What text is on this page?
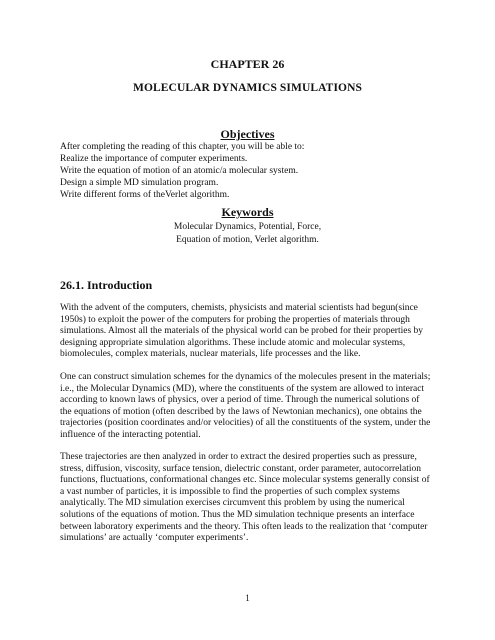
CHAPTER 26
MOLECULAR DYNAMICS SIMULATIONS
Objectives
After completing the reading of this chapter, you will be able to:
Realize the importance of computer experiments.
Write the equation of motion of an atomic/a molecular system.
Design a simple MD simulation program.
Write different forms of theVerlet algorithm.
Keywords
Molecular Dynamics, Potential, Force,
Equation of motion, Verlet algorithm.
26.1. Introduction
With the advent of the computers, chemists, physicists and material scientists had begun(since
1950s) to exploit the power of the computers for probing the properties of materials through
simulations. Almost all the materials of the physical world can be probed for their properties by
designing appropriate simulation algorithms. These include atomic and molecular systems,
biomolecules, complex materials, nuclear materials, life processes and the like.
One can construct simulation schemes for the dynamics of the molecules present in the materials;
i.e., the Molecular Dynamics (MD), where the constituents of the system are allowed to interact
according to known laws of physics, over a period of time. Through the numerical solutions of
the equations of motion (often described by the laws of Newtonian mechanics), one obtains the
trajectories (position coordinates and/or velocities) of all the constituents of the system, under the
influence of the interacting potential.
These trajectories are then analyzed in order to extract the desired properties such as pressure,
stress, diffusion, viscosity, surface tension, dielectric constant, order parameter, autocorrelation
functions, fluctuations, conformational changes etc. Since molecular systems generally consist of
a vast number of particles, it is impossible to find the properties of such complex systems
analytically. The MD simulation exercises circumvent this problem by using the numerical
solutions of the equations of motion. Thus the MD simulation technique presents an interface
between laboratory experiments and the theory. This often leads to the realization that ‘computer
simulations’ are actually ‘computer experiments’.
1
